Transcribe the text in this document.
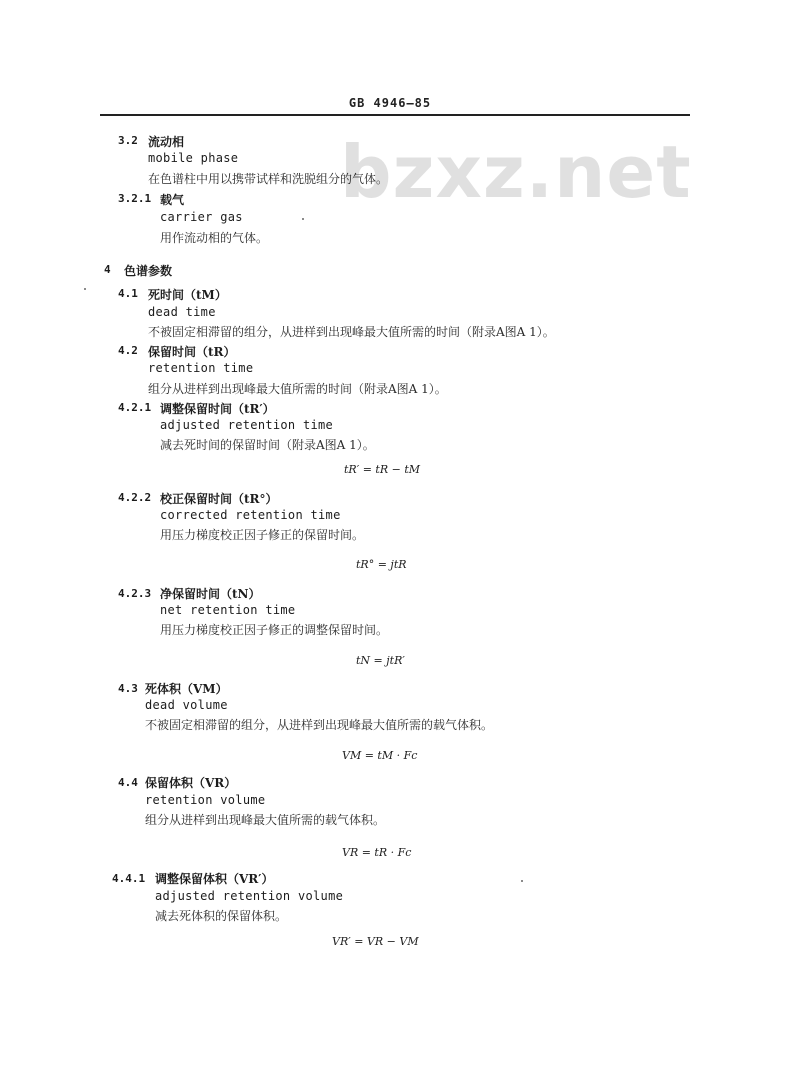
GB 4946—85
bzxz.net
3.2 流动相
mobile phase
在色谱柱中用以携带试样和洗脱组分的气体。
3.2.1 载气
carrier gas
用作流动相的气体。
4 色谱参数
4.1 死时间（tM）
dead time
不被固定相滞留的组分，从进样到出现峰最大值所需的时间（附录A图A 1）。
4.2 保留时间（tR）
retention time
组分从进样到出现峰最大值所需的时间（附录A图A 1）。
4.2.1 调整保留时间（tR′）
adjusted retention time
减去死时间的保留时间（附录A图A 1）。
tR′ = tR − tM
4.2.2 校正保留时间（tR°）
corrected retention time
用压力梯度校正因子修正的保留时间。
tR° = jtR
4.2.3 净保留时间（tN）
net retention time
用压力梯度校正因子修正的调整保留时间。
tN = jtR′
4.3 死体积（VM）
dead volume
不被固定相滞留的组分，从进样到出现峰最大值所需的载气体积。
VM = tM · Fc
4.4 保留体积（VR）
retention volume
组分从进样到出现峰最大值所需的载气体积。
VR = tR · Fc
4.4.1 调整保留体积（VR′）
adjusted retention volume
减去死体积的保留体积。
VR′ = VR − VM
